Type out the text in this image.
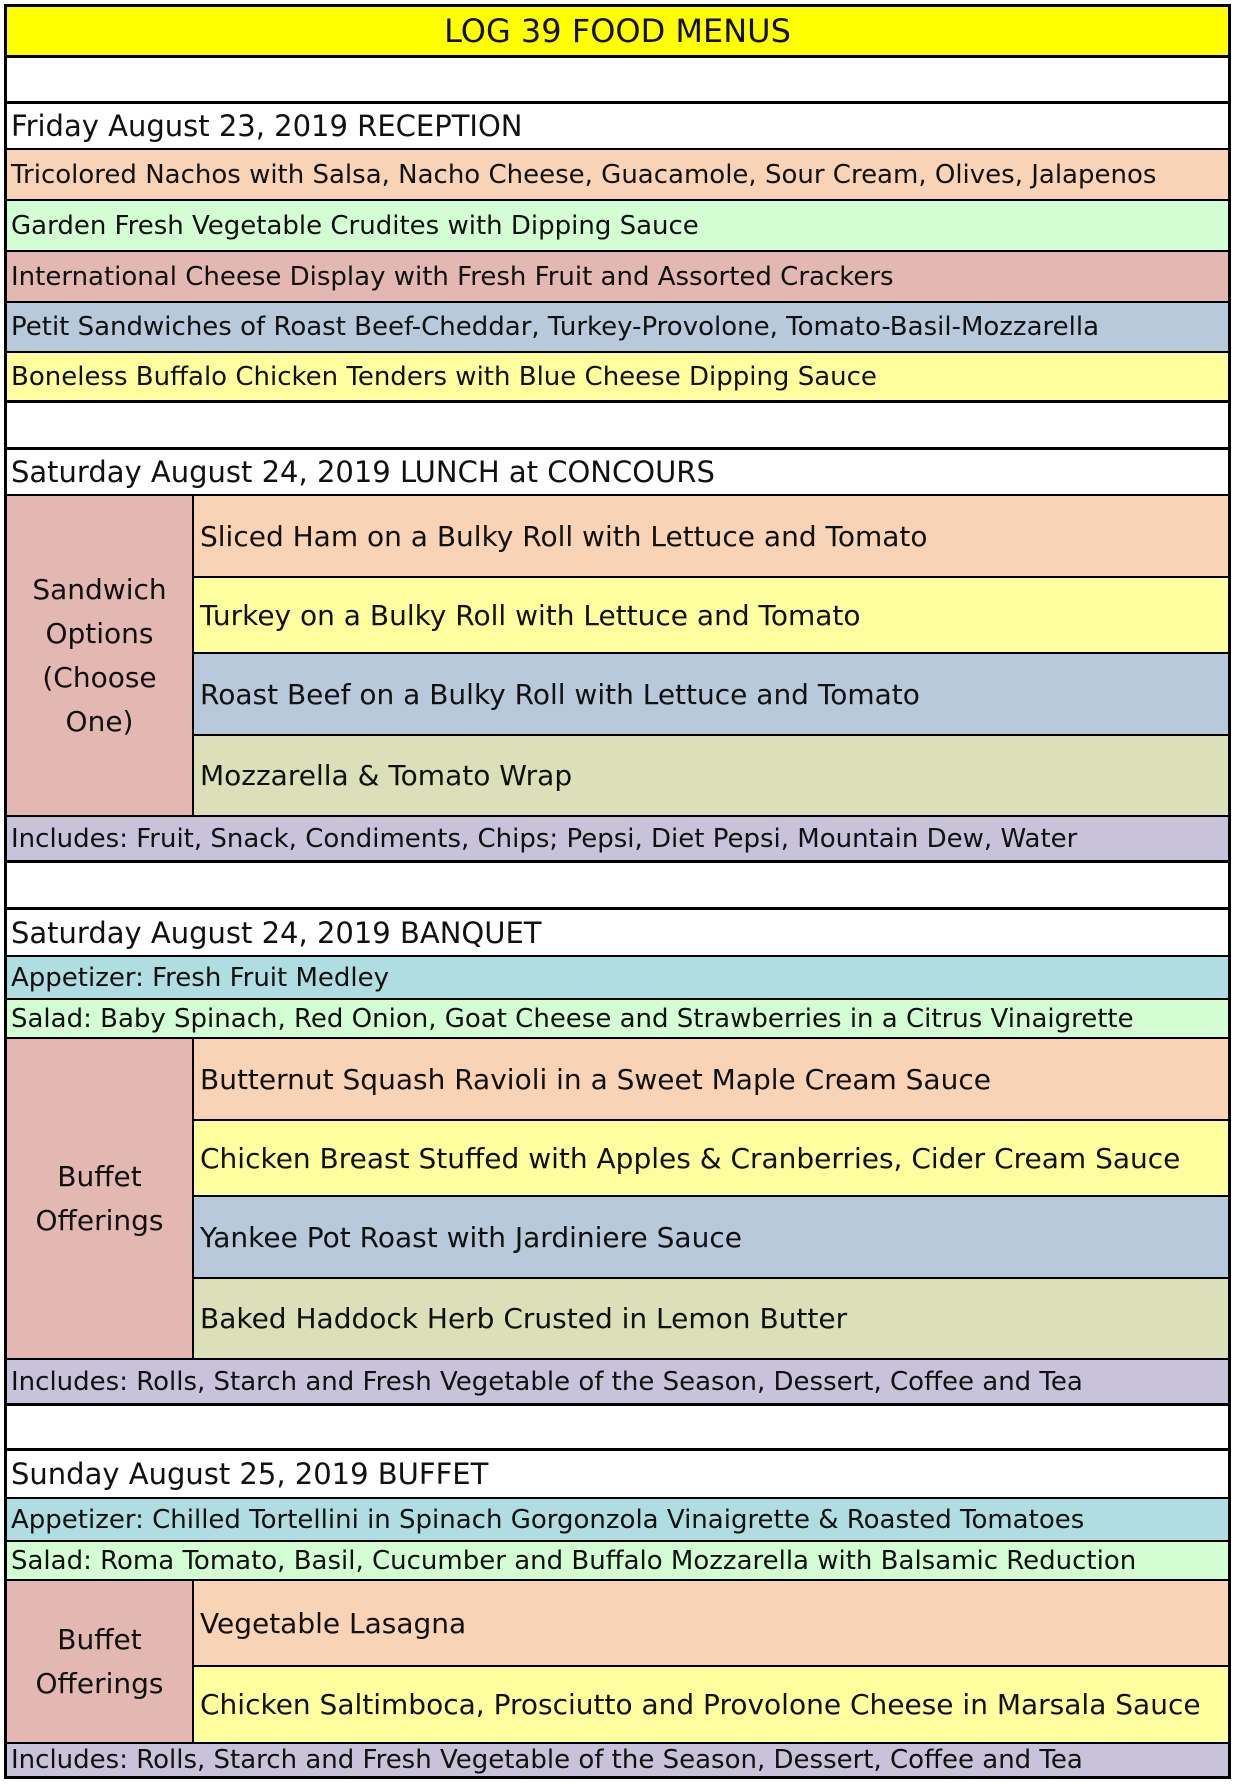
LOG 39 FOOD MENUS
Friday August 23, 2019 RECEPTION
Tricolored Nachos with Salsa, Nacho Cheese, Guacamole, Sour Cream, Olives, Jalapenos
Garden Fresh Vegetable Crudites with Dipping Sauce
International Cheese Display with Fresh Fruit and Assorted Crackers
Petit Sandwiches of Roast Beef-Cheddar, Turkey-Provolone, Tomato-Basil-Mozzarella
Boneless Buffalo Chicken Tenders with Blue Cheese Dipping Sauce
Saturday August 24, 2019 LUNCH at CONCOURS
Sandwich Options (Choose One)
Sliced Ham on a Bulky Roll with Lettuce and Tomato
Turkey on a Bulky Roll with Lettuce and Tomato
Roast Beef on a Bulky Roll with Lettuce and Tomato
Mozzarella & Tomato Wrap
Includes: Fruit, Snack, Condiments, Chips; Pepsi, Diet Pepsi, Mountain Dew, Water
Saturday August 24, 2019 BANQUET
Appetizer: Fresh Fruit Medley
Salad: Baby Spinach, Red Onion, Goat Cheese and Strawberries in a Citrus Vinaigrette
Buffet Offerings
Butternut Squash Ravioli in a Sweet Maple Cream Sauce
Chicken Breast Stuffed with Apples & Cranberries, Cider Cream Sauce
Yankee Pot Roast with Jardiniere Sauce
Baked Haddock Herb Crusted in Lemon Butter
Includes: Rolls, Starch and Fresh Vegetable of the Season, Dessert, Coffee and Tea
Sunday August 25, 2019 BUFFET
Appetizer: Chilled Tortellini in Spinach Gorgonzola Vinaigrette & Roasted Tomatoes
Salad: Roma Tomato, Basil, Cucumber and Buffalo Mozzarella with Balsamic Reduction
Buffet Offerings
Vegetable Lasagna
Chicken Saltimboca, Prosciutto and Provolone Cheese in Marsala Sauce
Includes: Rolls, Starch and Fresh Vegetable of the Season, Dessert, Coffee and Tea
